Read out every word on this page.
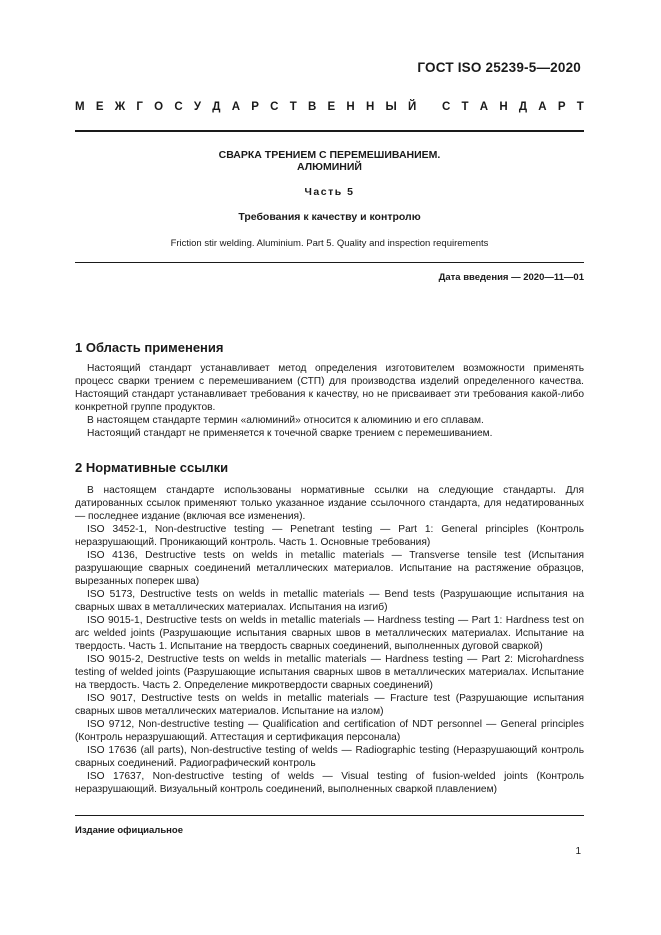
ГОСТ ISO 25239-5—2020
М Е Ж Г О С У Д А Р С Т В Е Н Н Ы Й
С Т А Н Д А Р Т
СВАРКА ТРЕНИЕМ С ПЕРЕМЕШИВАНИЕМ.
АЛЮМИНИЙ
Часть 5
Требования к качеству и контролю
Friction stir welding. Aluminium. Part 5. Quality and inspection requirements
Дата введения — 2020—11—01
1 Область применения

Настоящий стандарт устанавливает метод определения изготовителем возможности применять процесс сварки трением с перемешиванием (СТП) для производства изделий определенного качества. Настоящий стандарт устанавливает требования к качеству, но не присваивает эти требования какой-либо конкретной группе продуктов.

В настоящем стандарте термин «алюминий» относится к алюминию и его сплавам.

Настоящий стандарт не применяется к точечной сварке трением с перемешиванием.

2 Нормативные ссылки

В настоящем стандарте использованы нормативные ссылки на следующие стандарты. Для датированных ссылок применяют только указанное издание ссылочного стандарта, для недатированных — последнее издание (включая все изменения).

ISO 3452-1, Non-destructive testing — Penetrant testing — Part 1: General principles (Контроль неразрушающий. Проникающий контроль. Часть 1. Основные требования)

ISO 4136, Destructive tests on welds in metallic materials — Transverse tensile test (Испытания разрушающие сварных соединений металлических материалов. Испытание на растяжение образцов, вырезанных поперек шва)

ISO 5173, Destructive tests on welds in metallic materials — Bend tests (Разрушающие испытания на сварных швах в металлических материалах. Испытания на изгиб)

ISO 9015-1, Destructive tests on welds in metallic materials — Hardness testing — Part 1: Hardness test on arc welded joints (Разрушающие испытания сварных швов в металлических материалах. Испытание на твердость. Часть 1. Испытание на твердость сварных соединений, выполненных дуговой сваркой)

ISO 9015-2, Destructive tests on welds in metallic materials — Hardness testing — Part 2: Microhardness testing of welded joints (Разрушающие испытания сварных швов в металлических материалах. Испытание на твердость. Часть 2. Определение микротвердости сварных соединений)

ISO 9017, Destructive tests on welds in metallic materials — Fracture test (Разрушающие испытания сварных швов металлических материалов. Испытание на излом)

ISO 9712, Non-destructive testing — Qualification and certification of NDT personnel — General principles (Контроль неразрушающий. Аттестация и сертификация персонала)

ISO 17636 (all parts), Non-destructive testing of welds — Radiographic testing (Неразрушающий контроль сварных соединений. Радиографический контроль

ISO 17637, Non-destructive testing of welds — Visual testing of fusion-welded joints (Контроль неразрушающий. Визуальный контроль соединений, выполненных сваркой плавлением)

Издание официальное
1
